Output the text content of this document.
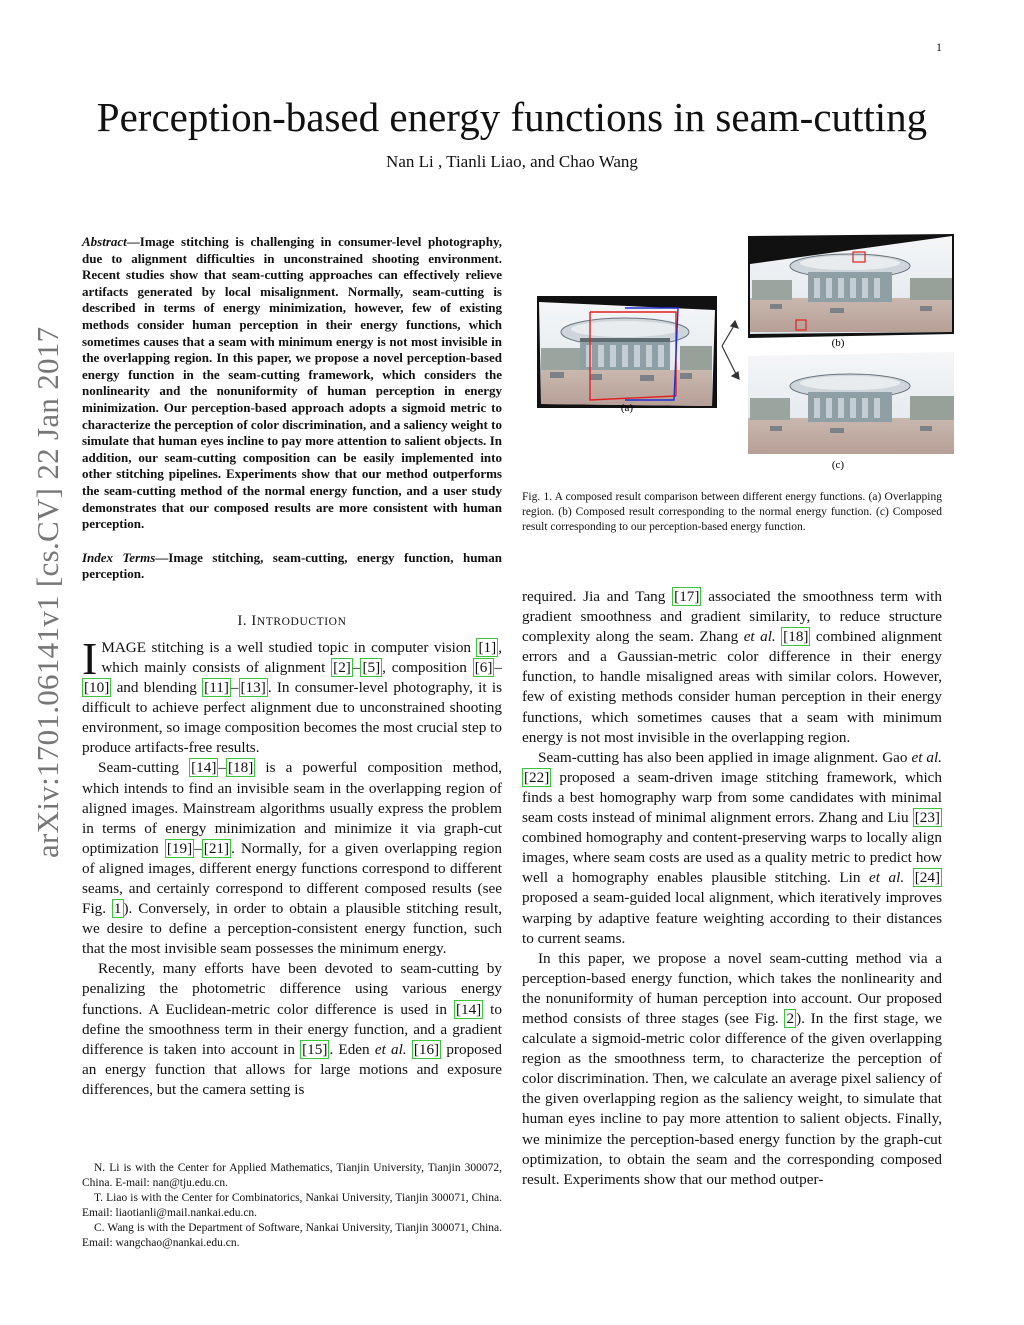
1
arXiv:1701.06141v1 [cs.CV] 22 Jan 2017
Perception-based energy functions in seam-cutting
Nan Li , Tianli Liao, and Chao Wang

Abstract—Image stitching is challenging in consumer-level photography, due to alignment difficulties in unconstrained shooting environment. Recent studies show that seam-cutting approaches can effectively relieve artifacts generated by local misalignment. Normally, seam-cutting is described in terms of energy minimization, however, few of existing methods consider human perception in their energy functions, which sometimes causes that a seam with minimum energy is not most invisible in the overlapping region. In this paper, we propose a novel perception-based energy function in the seam-cutting framework, which considers the nonlinearity and the nonuniformity of human perception in energy minimization. Our perception-based approach adopts a sigmoid metric to characterize the perception of color discrimination, and a saliency weight to simulate that human eyes incline to pay more attention to salient objects. In addition, our seam-cutting composition can be easily implemented into other stitching pipelines. Experiments show that our method outperforms the seam-cutting method of the normal energy function, and a user study demonstrates that our composed results are more consistent with human perception.

Index Terms—Image stitching, seam-cutting, energy function, human perception.

I. INTRODUCTION

IMAGE stitching is a well studied topic in computer vision [1] , which mainly consists of alignment [2] – [5] , composition [6] –[10] and blending [11] – [13] . In consumer-level photography, it is difficult to achieve perfect alignment due to unconstrained shooting environment, so image composition becomes the most crucial step to produce artifacts-free results.

Seam-cutting [14] – [18] is a powerful composition method, which intends to find an invisible seam in the overlapping region of aligned images. Mainstream algorithms usually express the problem in terms of energy minimization and minimize it via graph-cut optimization [19] – [21] . Normally, for a given overlapping region of aligned images, different energy functions correspond to different seams, and certainly correspond to different composed results (see Fig. 1 ). Conversely, in order to obtain a plausible stitching result, we desire to define a perception-consistent energy function, such that the most invisible seam possesses the minimum energy.

Recently, many efforts have been devoted to seam-cutting by penalizing the photometric difference using various energy functions. A Euclidean-metric color difference is used in [14] to define the smoothness term in their energy function, and a gradient difference is taken into account in [15] . Eden et al. [16] proposed an energy function that allows for large motions and exposure differences, but the camera setting is

N. Li is with the Center for Applied Mathematics, Tianjin University, Tianjin 300072, China. E-mail: nan@tju.edu.cn.

T. Liao is with the Center for Combinatorics, Nankai University, Tianjin 300071, China. Email: liaotianli@mail.nankai.edu.cn.

C. Wang is with the Department of Software, Nankai University, Tianjin 300071, China. Email: wangchao@nankai.edu.cn.

(a)
(b)
(c)
Fig. 1. A composed result comparison between different energy functions. (a) Overlapping region. (b) Composed result corresponding to the normal energy function. (c) Composed result corresponding to our perception-based energy function.

required. Jia and Tang [17] associated the smoothness term with gradient smoothness and gradient similarity, to reduce structure complexity along the seam. Zhang et al. [18] combined alignment errors and a Gaussian-metric color difference in their energy function, to handle misaligned areas with similar colors. However, few of existing methods consider human perception in their energy functions, which sometimes causes that a seam with minimum energy is not most invisible in the overlapping region.

Seam-cutting has also been applied in image alignment. Gao et al. [22] proposed a seam-driven image stitching framework, which finds a best homography warp from some candidates with minimal seam costs instead of minimal alignment errors. Zhang and Liu [23] combined homography and content-preserving warps to locally align images, where seam costs are used as a quality metric to predict how well a homography enables plausible stitching. Lin et al. [24] proposed a seam-guided local alignment, which iteratively improves warping by adaptive feature weighting according to their distances to current seams.

In this paper, we propose a novel seam-cutting method via a perception-based energy function, which takes the nonlinearity and the nonuniformity of human perception into account. Our proposed method consists of three stages (see Fig. 2 ). In the first stage, we calculate a sigmoid-metric color difference of the given overlapping region as the smoothness term, to characterize the perception of color discrimination. Then, we calculate an average pixel saliency of the given overlapping region as the saliency weight, to simulate that human eyes incline to pay more attention to salient objects. Finally, we minimize the perception-based energy function by the graph-cut optimization, to obtain the seam and the corresponding composed result. Experiments show that our method outper-
